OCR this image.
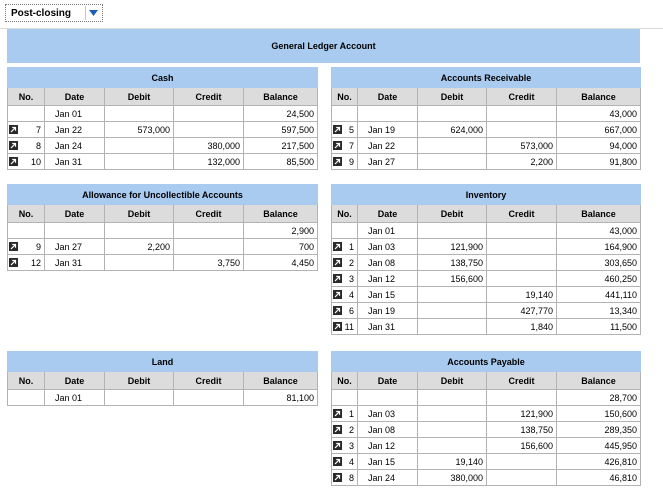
Post-closing
General Ledger Account
Cash				
No.	Date	Debit	Credit	Balance
	Jan 01			24,500

7	Jan 22	573,000		597,500

8	Jan 24		380,000	217,500

10	Jan 31		132,000	85,500
Accounts Receivable				
No.	Date	Debit	Credit	Balance
				43,000

5	Jan 19	624,000		667,000

7	Jan 22		573,000	94,000

9	Jan 27		2,200	91,800
Allowance for Uncollectible Accounts				
No.	Date	Debit	Credit	Balance
				2,900

9	Jan 27	2,200		700

12	Jan 31		3,750	4,450
Inventory				
No.	Date	Debit	Credit	Balance
	Jan 01			43,000

1	Jan 03	121,900		164,900

2	Jan 08	138,750		303,650

3	Jan 12	156,600		460,250

4	Jan 15		19,140	441,110

6	Jan 19		427,770	13,340

11	Jan 31		1,840	11,500
Land				
No.	Date	Debit	Credit	Balance
	Jan 01			81,100
Accounts Payable				
No.	Date	Debit	Credit	Balance
				28,700

1	Jan 03		121,900	150,600

2	Jan 08		138,750	289,350

3	Jan 12		156,600	445,950

4	Jan 15	19,140		426,810

8	Jan 24	380,000		46,810
